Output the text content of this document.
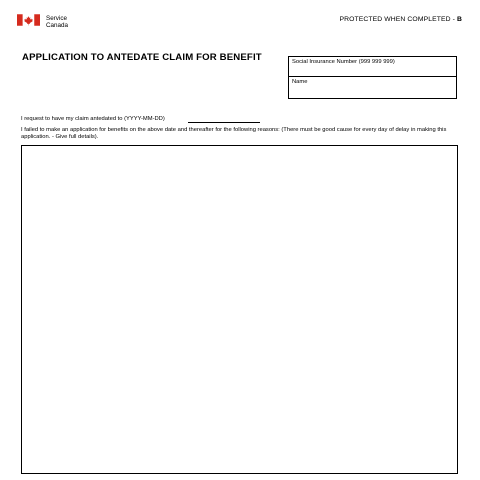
Service
Canada
PROTECTED WHEN COMPLETED - B
APPLICATION TO ANTEDATE CLAIM FOR BENEFIT	Social Insurance Number (999 999 999)
Name
I request to have my claim antedated to (YYYY-MM-DD)
I failed to make an application for benefits on the above date and thereafter for the following reasons: (There must be good cause for every day of delay in making this application. - Give full details).
